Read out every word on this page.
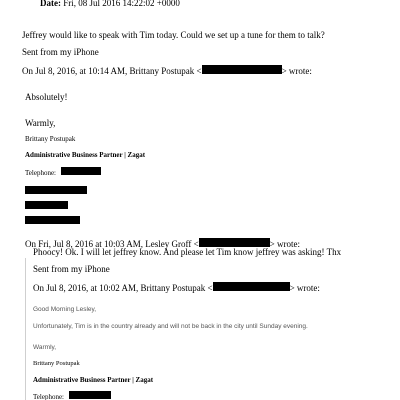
Date: Fri, 08 Jul 2016 14:22:02 +0000
Jeffrey would like to speak with Tim today. Could we set up a tune for them to talk?
Sent from my iPhone
On Jul 8, 2016, at 10:14 AM, Brittany Postupak <	> wrote:
Absolutely!
Warmly,
Brittany Postupak
Administrative Business Partner | Zagat
Telephone:
On Fri, Jul 8, 2016 at 10:03 AM, Lesley Groff <	> wrote:
Phoocy! Ok. I will let jeffrey know. And please let Tim know jeffrey was asking! Thx
Sent from my iPhone
On Jul 8, 2016, at 10:02 AM, Brittany Postupak <	> wrote:
Good Morning Lesley,
Unfortunately, Tim is in the country already and will not be back in the city until Sunday evening.
Warmly,
Brittany Postupak
Administrative Business Partner | Zagat
Telephone:
